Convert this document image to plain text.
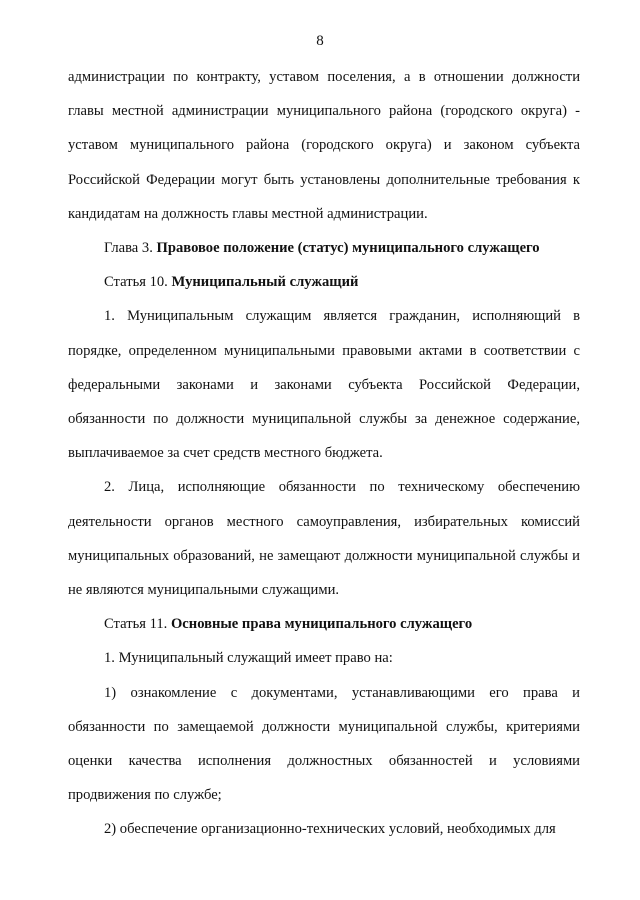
8

администрации по контракту, уставом поселения, а в отношении должности главы местной администрации муниципального района (городского округа) - уставом муниципального района (городского округа) и законом субъекта Российской Федерации могут быть установлены дополнительные требования к кандидатам на должность главы местной администрации.

Глава 3. Правовое положение (статус) муниципального служащего

Статья 10. Муниципальный служащий

1. Муниципальным служащим является гражданин, исполняющий в порядке, определенном муниципальными правовыми актами в соответствии с федеральными законами и законами субъекта Российской Федерации, обязанности по должности муниципальной службы за денежное содержание, выплачиваемое за счет средств местного бюджета.

2. Лица, исполняющие обязанности по техническому обеспечению деятельности органов местного самоуправления, избирательных комиссий муниципальных образований, не замещают должности муниципальной службы и не являются муниципальными служащими.

Статья 11. Основные права муниципального служащего

1. Муниципальный служащий имеет право на:

1) ознакомление с документами, устанавливающими его права и обязанности по замещаемой должности муниципальной службы, критериями оценки качества исполнения должностных обязанностей и условиями продвижения по службе;

2) обеспечение организационно-технических условий, необходимых для
